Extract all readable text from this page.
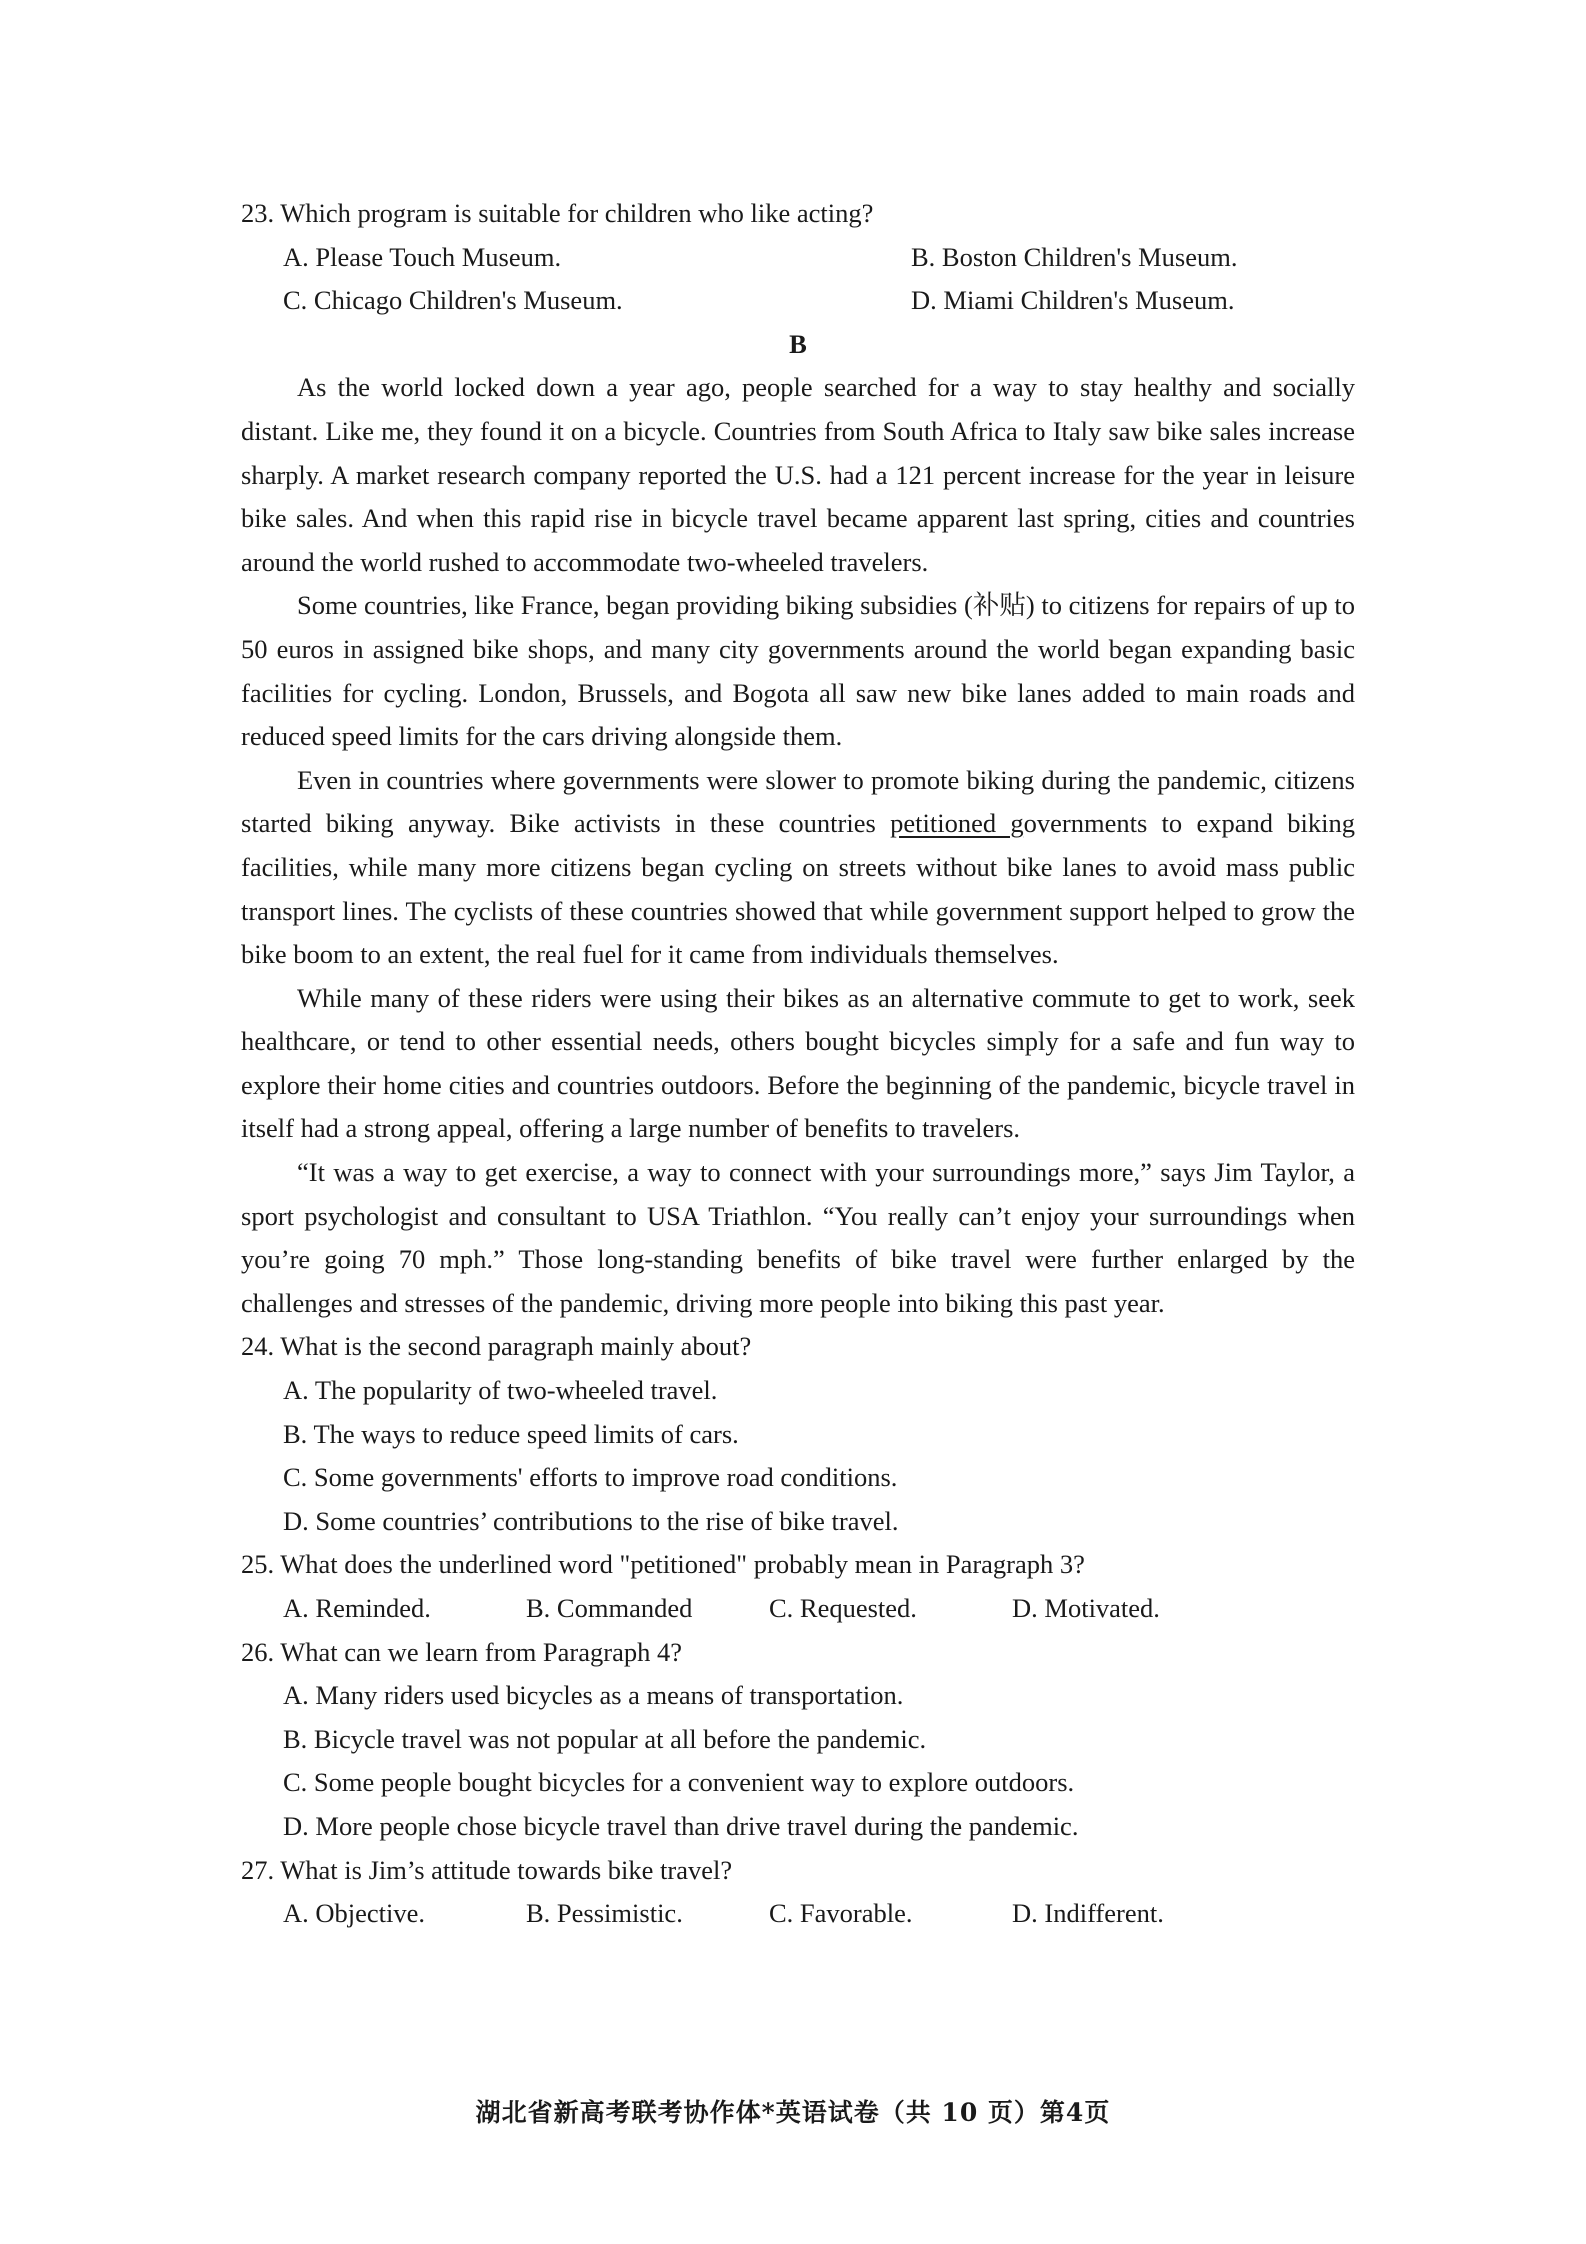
23. Which program is suitable for children who like acting?
A. Please Touch Museum.	B. Boston Children's Museum.
C. Chicago Children's Museum.	D. Miami Children's Museum.
B

As the world locked down a year ago, people searched for a way to stay healthy and socially distant. Like me, they found it on a bicycle. Countries from South Africa to Italy saw bike sales increase sharply. A market research company reported the U.S. had a 121 percent increase for the year in leisure bike sales. And when this rapid rise in bicycle travel became apparent last spring, cities and countries around the world rushed to accommodate two-wheeled travelers.

Some countries, like France, began providing biking subsidies (补贴) to citizens for repairs of up to 50 euros in assigned bike shops, and many city governments around the world began expanding basic facilities for cycling. London, Brussels, and Bogota all saw new bike lanes added to main roads and reduced speed limits for the cars driving alongside them.

Even in countries where governments were slower to promote biking during the pandemic, citizens started biking anyway. Bike activists in these countries petitioned governments to expand biking facilities, while many more citizens began cycling on streets without bike lanes to avoid mass public transport lines. The cyclists of these countries showed that while government support helped to grow the bike boom to an extent, the real fuel for it came from individuals themselves.

While many of these riders were using their bikes as an alternative commute to get to work, seek healthcare, or tend to other essential needs, others bought bicycles simply for a safe and fun way to explore their home cities and countries outdoors. Before the beginning of the pandemic, bicycle travel in itself had a strong appeal, offering a large number of benefits to travelers.

“It was a way to get exercise, a way to connect with your surroundings more,” says Jim Taylor, a sport psychologist and consultant to USA Triathlon. “You really can’t enjoy your surroundings when you’re going 70 mph.” Those long-standing benefits of bike travel were further enlarged by the challenges and stresses of the pandemic, driving more people into biking this past year.

24. What is the second paragraph mainly about?
A. The popularity of two-wheeled travel.
B. The ways to reduce speed limits of cars.
C. Some governments' efforts to improve road conditions.
D. Some countries’ contributions to the rise of bike travel.
25. What does the underlined word "petitioned" probably mean in Paragraph 3?
A. Reminded.	B. Commanded	C. Requested.	D. Motivated.
26. What can we learn from Paragraph 4?
A. Many riders used bicycles as a means of transportation.
B. Bicycle travel was not popular at all before the pandemic.
C. Some people bought bicycles for a convenient way to explore outdoors.
D. More people chose bicycle travel than drive travel during the pandemic.
27. What is Jim’s attitude towards bike travel?
A. Objective.	B. Pessimistic.	C. Favorable.	D. Indifferent.
湖北省新高考联考协作体*英语试卷（共 10 页）第4页
